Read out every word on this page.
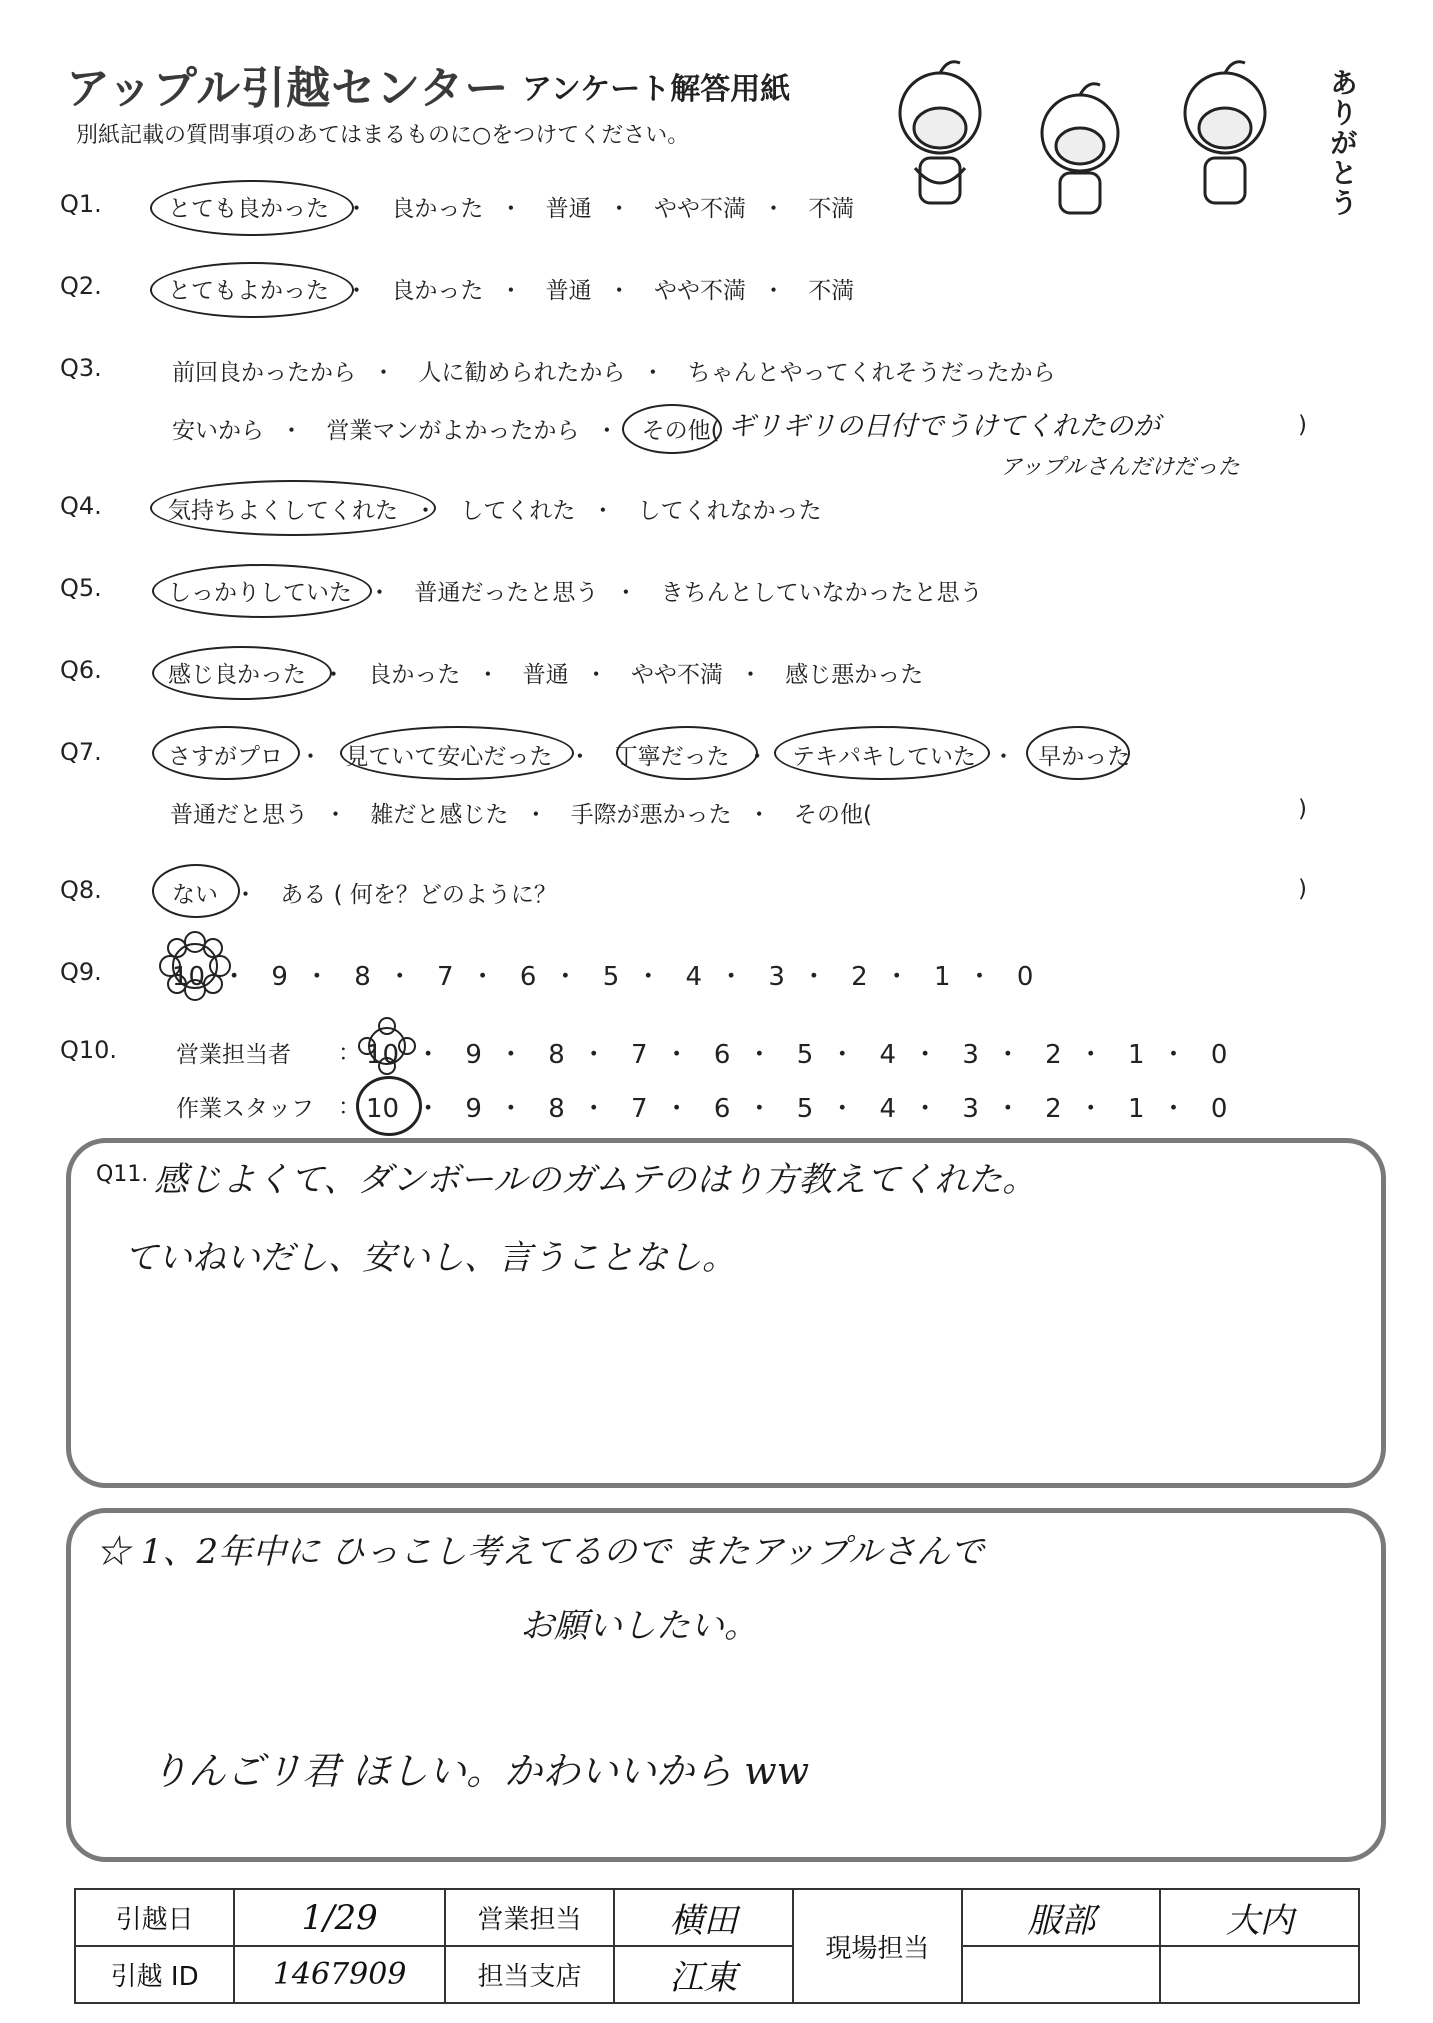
アップル引越センター アンケート解答用紙
別紙記載の質問事項のあてはまるものに○をつけてください。	ありがとう
Q1.	とても良かった ・ 良かった ・ 普通 ・ やや不満 ・ 不満
Q2.	とてもよかった ・ 良かった ・ 普通 ・ やや不満 ・ 不満
Q3.	前回良かったから ・ 人に勧められたから ・ ちゃんとやってくれそうだったから
安いから ・ 営業マンがよかったから ・ その他(	)
ギリギリの日付でうけてくれたのが
アップルさんだけだった
Q4.	気持ちよくしてくれた ・ してくれた ・ してくれなかった
Q5.	しっかりしていた ・ 普通だったと思う ・ きちんとしていなかったと思う
Q6.	感じ良かった ・ 良かった ・ 普通 ・ やや不満 ・ 感じ悪かった
Q7.	さすがプロ ・ 見ていて安心だった ・ 丁寧だった ・ テキパキしていた ・ 早かった
普通だと思う ・ 雑だと感じた ・ 手際が悪かった ・ その他(	)
Q8.	ない ・ ある ( 何を？どのように？	)
Q9.	10 ・ 9 ・ 8 ・ 7 ・ 6 ・ 5 ・ 4 ・ 3 ・ 2 ・ 1 ・ 0
Q10.	営業担当者 ： 10 ・ 9 ・ 8 ・ 7 ・ 6 ・ 5 ・ 4 ・ 3 ・ 2 ・ 1 ・ 0
作業スタッフ ： 10 ・ 9 ・ 8 ・ 7 ・ 6 ・ 5 ・ 4 ・ 3 ・ 2 ・ 1 ・ 0
Q11. 感じよくて、ダンボールのガムテのはり方教えてくれた。
ていねいだし、安いし、言うことなし。
☆ 1、2年中に ひっこし考えてるので またアップルさんで
お願いしたい。
りんごリ君 ほしい。かわいいから ww
引越日	1/29	営業担当	横田	現場担当	服部	大内
引越 ID	1467909	担当支店	江東			
